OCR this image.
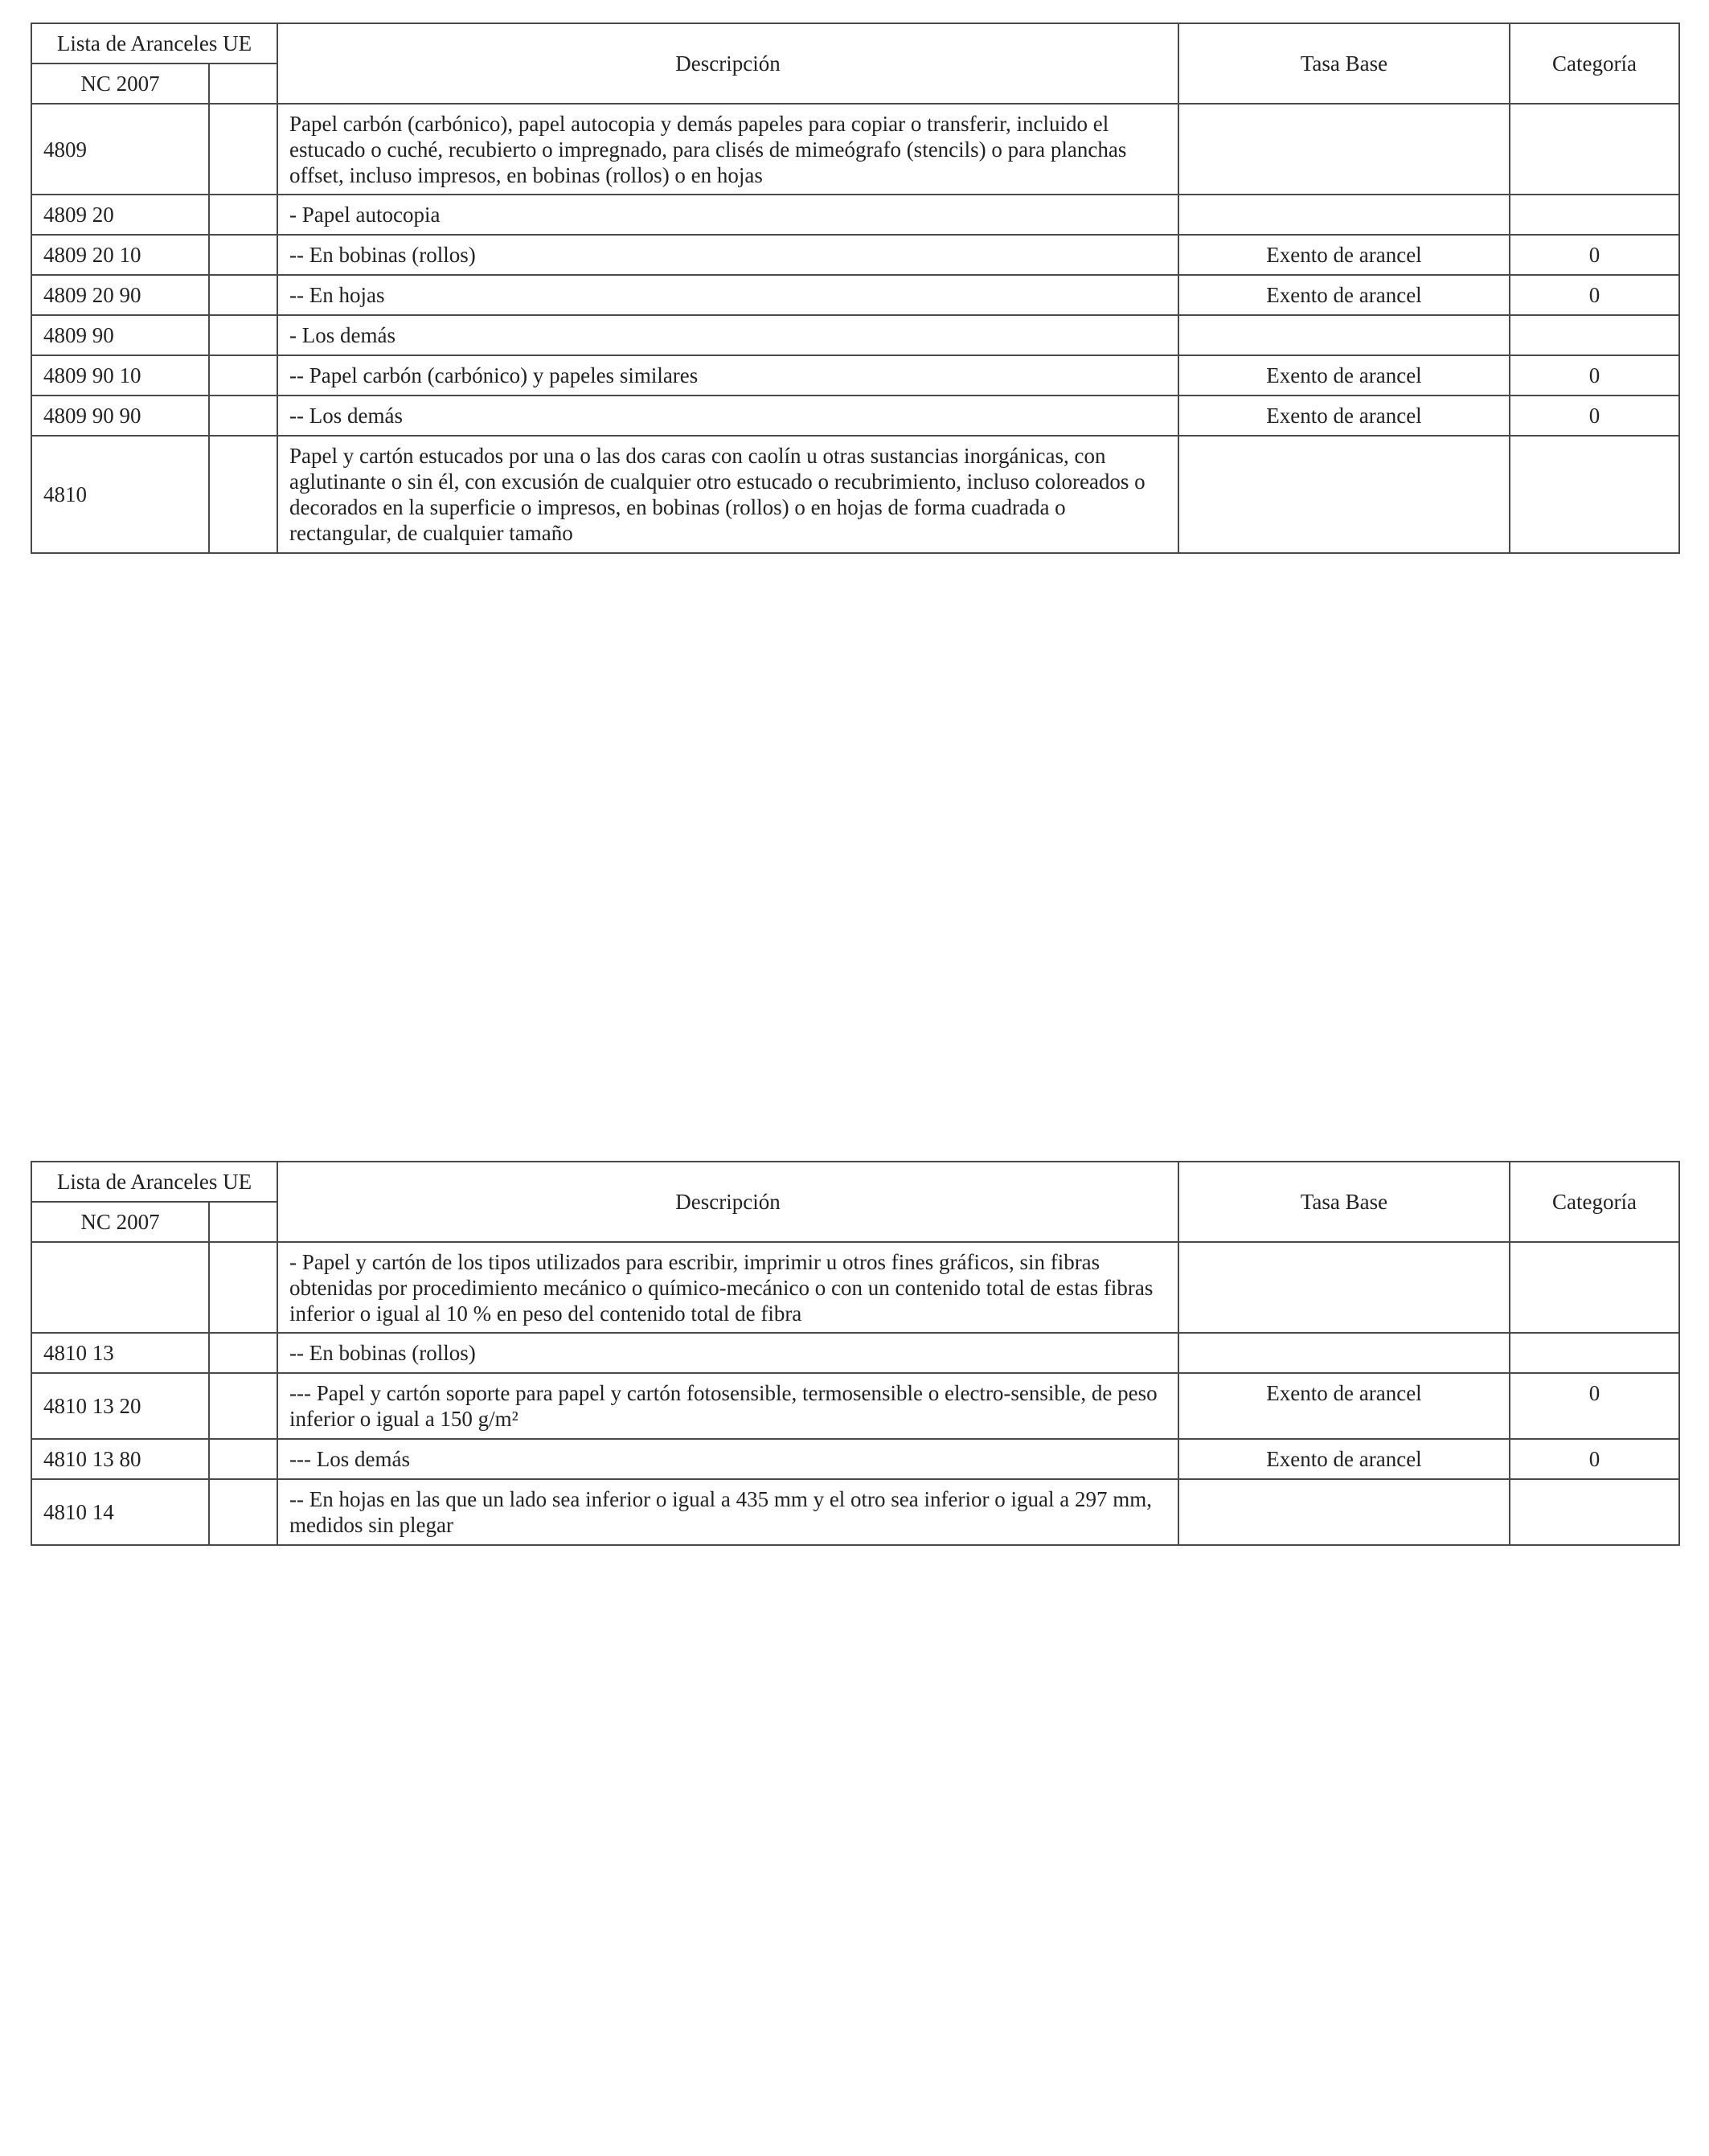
Lista de Aranceles UE		Descripción	Tasa Base	Categoría
NC 2007				
4809		Papel carbón (carbónico), papel autocopia y demás papeles para copiar o transferir, incluido el estucado o cuché, recubierto o impregnado, para clisés de mimeógrafo (stencils) o para planchas offset, incluso impresos, en bobinas (rollos) o en hojas		
4809 20		- Papel autocopia		
4809 20 10		-- En bobinas (rollos)	Exento de arancel	0
4809 20 90		-- En hojas	Exento de arancel	0
4809 90		- Los demás		
4809 90 10		-- Papel carbón (carbónico) y papeles similares	Exento de arancel	0
4809 90 90		-- Los demás	Exento de arancel	0
4810		Papel y cartón estucados por una o las dos caras con caolín u otras sustancias inorgánicas, con aglutinante o sin él, con excusión de cualquier otro estucado o recubrimiento, incluso coloreados o decorados en la superficie o impresos, en bobinas (rollos) o en hojas de forma cuadrada o rectangular, de cualquier tamaño		
Lista de Aranceles UE		Descripción	Tasa Base	Categoría
NC 2007				
		- Papel y cartón de los tipos utilizados para escribir, imprimir u otros fines gráficos, sin fibras obtenidas por procedimiento mecánico o químico-mecánico o con un contenido total de estas fibras inferior o igual al 10 % en peso del contenido total de fibra		
4810 13		-- En bobinas (rollos)		
4810 13 20		--- Papel y cartón soporte para papel y cartón fotosensible, termosensible o electro-sensible, de peso inferior o igual a 150 g/m²	Exento de arancel	0
4810 13 80		--- Los demás	Exento de arancel	0
4810 14		-- En hojas en las que un lado sea inferior o igual a 435 mm y el otro sea inferior o igual a 297 mm, medidos sin plegar		
